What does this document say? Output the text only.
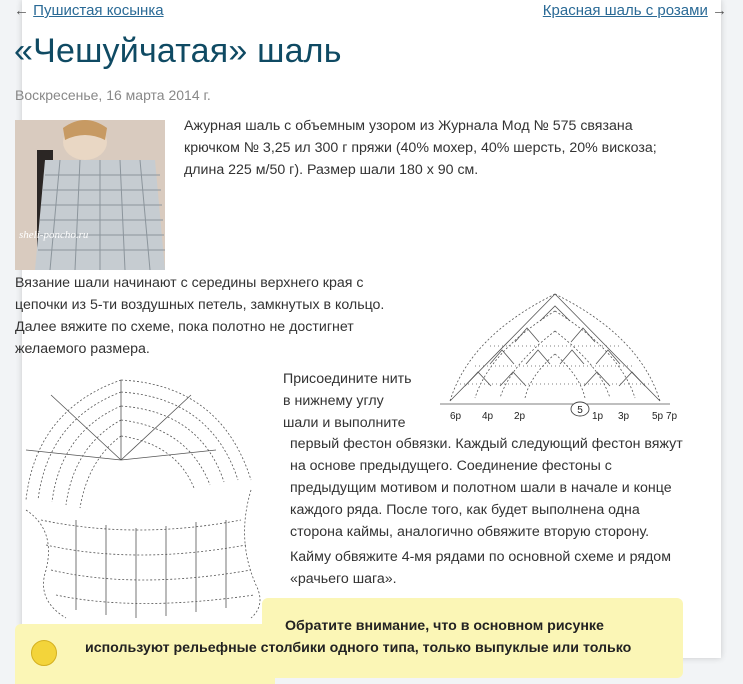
← Пушистая косынка	Красная шаль с розами →
«Чешуйчатая» шаль
Воскресенье, 16 марта 2014 г.
sheli-poncho.ru

Ажурная шаль с объемным узором из Журнала Мод № 575 связана крючком № 3,25 ил 300 г пряжи (40% мохер, 40% шерсть, 20% вискоза; длина 225 м/50 г). Размер шали 180 х 90 см.

Вязание шали начинают с середины верхнего края с цепочки из 5-ти воздушных петель, замкнутых в кольцо. Далее вяжите по схеме, пока полотно не достигнет желаемого размера.

5
6р 4р 2р	1р 3р 5р 7р

Присоедините нить в нижнему углу шали и выполните

первый фестон обвязки. Каждый следующий фестон вяжут на основе предыдущего. Соединение фестоны с предыдущим мотивом и полотном шали в начале и конце каждого ряда. После того, как будет выполнена одна сторона каймы, аналогично обвяжите вторую сторону.

Кайму обвяжите 4-мя рядами по основной схеме и рядом «рачьего шага».

Обратите внимание, что в основном рисунке

используют рельефные столбики одного типа, только выпуклые или только
